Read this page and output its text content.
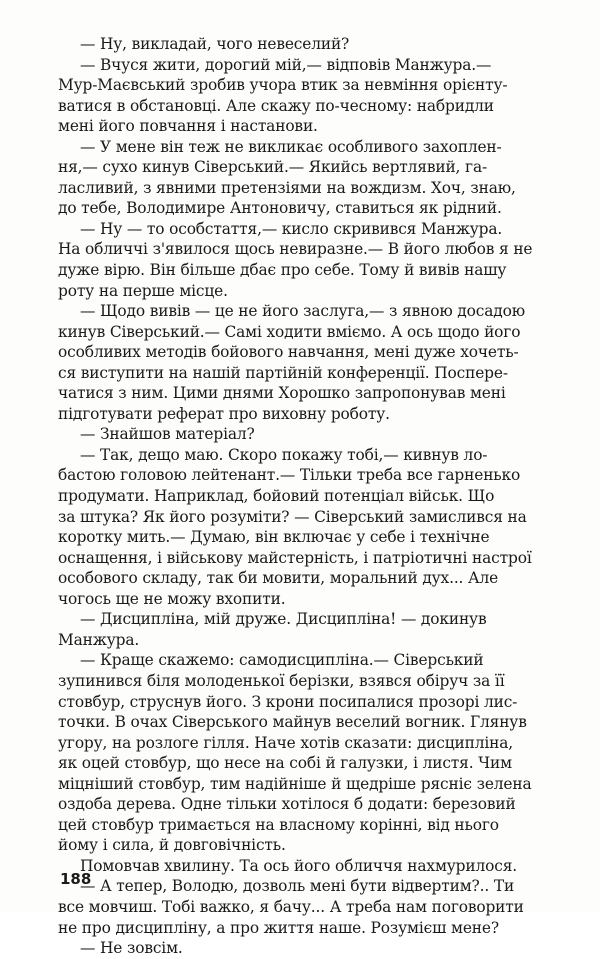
— Ну, викладай, чого невеселий?
— Вчуся жити, дорогий мій,— відповів Манжура.—
Мур-Маєвський зробив учора втик за невміння орієнту-
ватися в обстановці. Але скажу по-чесному: набридли
мені його повчання і настанови.
— У мене він теж не викликає особливого захоплен-
ня,— сухо кинув Сіверський.— Якийсь вертлявий, га-
ласливий, з явними претензіями на вождизм. Хоч, знаю,
до тебе, Володимире Антоновичу, ставиться як рідний.
— Ну — то особстаття,— кисло скривився Манжура.
На обличчі з'явилося щось невиразне.— В його любов я не
дуже вірю. Він більше дбає про себе. Тому й вивів нашу
роту на перше місце.
— Щодо вивів — це не його заслуга,— з явною досадою
кинув Сіверський.— Самі ходити вміємо. А ось щодо його
особливих методів бойового навчання, мені дуже хочеть-
ся виступити на нашій партійній конференції. Посперe-
чатися з ним. Цими днями Хорошко запропонував мені
підготувати реферат про виховну роботу.
— Знайшов матеріал?
— Так, дещо маю. Скоро покажу тобі,— кивнув ло-
бастою головою лейтенант.— Тільки треба все гарненько
продумати. Наприклад, бойовий потенціал військ. Що
за штука? Як його розуміти? — Сіверський замислився на
коротку мить.— Думаю, він включає у себе і технічне
оснащення, і військову майстерність, і патріотичні настрої
особового складу, так би мовити, моральний дух... Але
чогось ще не можу вхопити.
— Дисципліна, мій друже. Дисципліна! — докинув
Манжура.
— Краще скажемо: самодисципліна.— Сіверський
зупинився біля молоденької берізки, взявся обіруч за її
стовбур, струснув його. З крони посипалися прозорі лис-
точки. В очах Сіверського майнув веселий вогник. Глянув
угору, на розлоге гілля. Наче хотів сказати: дисципліна,
як оцей стовбур, що несе на собі й галузки, і листя. Чим
міцніший стовбур, тим надійніше й щедріше рясніє зелена
оздоба дерева. Одне тільки хотілося б додати: березовий
цей стовбур тримається на власному корінні, від нього
йому і сила, й довговічність.
Помовчав хвилину. Та ось його обличчя нахмурилося.
— А тепер, Володю, дозволь мені бути відвертим?.. Ти
все мовчиш. Тобі важко, я бачу... А треба нам поговорити
не про дисципліну, а про життя наше. Розумієш мене?
— Не зовсім.
188
